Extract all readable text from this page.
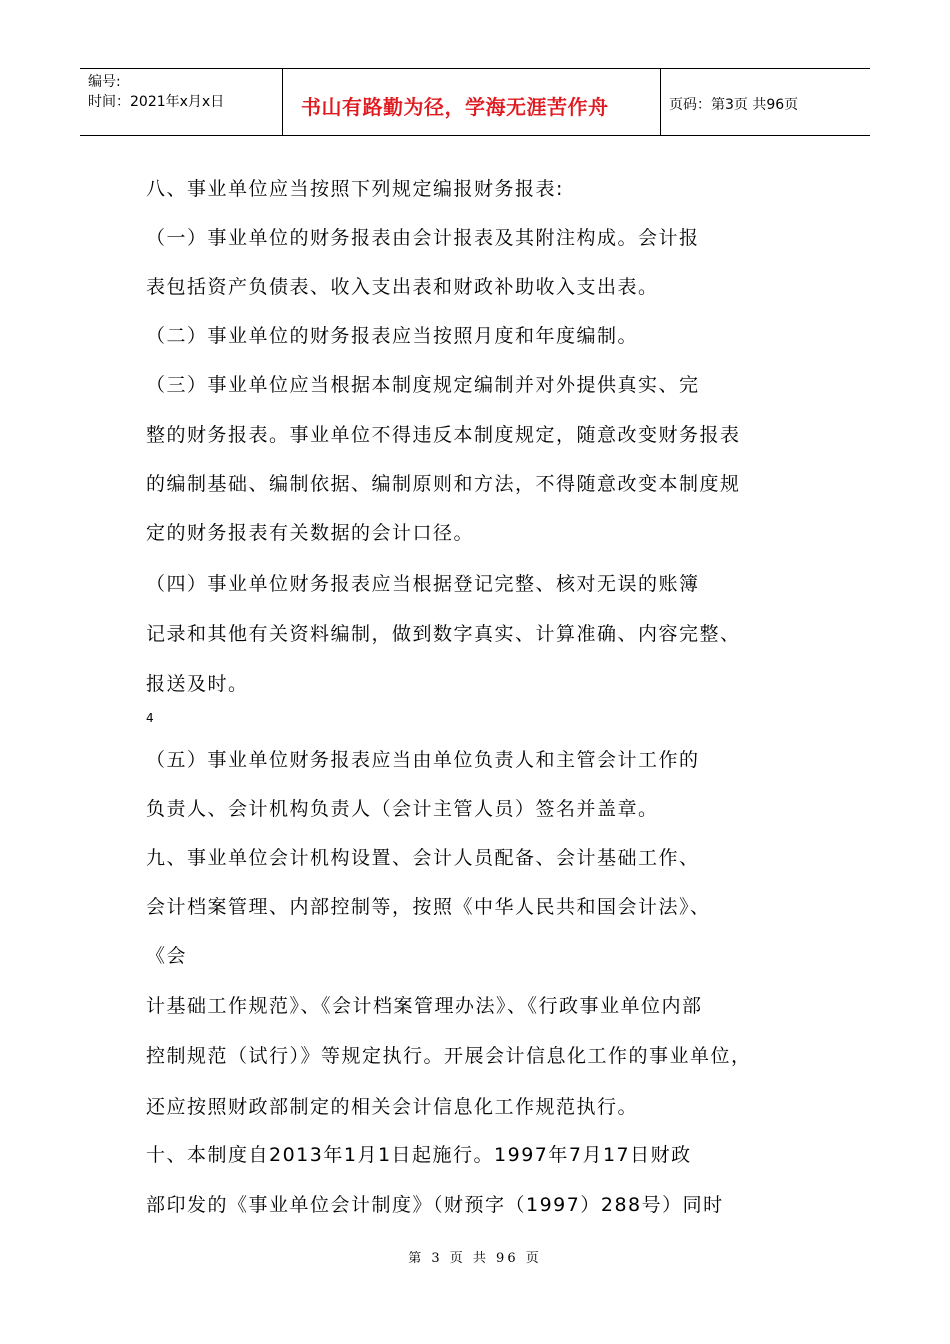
编号:
时间：2021年x月x日	书山有路勤为径，学海无涯苦作舟	页码：第3页 共96页
八、事业单位应当按照下列规定编报财务报表:
（一）事业单位的财务报表由会计报表及其附注构成。会计报
表包括资产负债表、收入支出表和财政补助收入支出表。
（二）事业单位的财务报表应当按照月度和年度编制。
（三）事业单位应当根据本制度规定编制并对外提供真实、完
整的财务报表。事业单位不得违反本制度规定，随意改变财务报表
的编制基础、编制依据、编制原则和方法，不得随意改变本制度规
定的财务报表有关数据的会计口径。
（四）事业单位财务报表应当根据登记完整、核对无误的账簿
记录和其他有关资料编制，做到数字真实、计算准确、内容完整、
报送及时。
（五）事业单位财务报表应当由单位负责人和主管会计工作的
负责人、会计机构负责人（会计主管人员）签名并盖章。
九、事业单位会计机构设置、会计人员配备、会计基础工作、
会计档案管理、内部控制等，按照《中华人民共和国会计法》、
《会
计基础工作规范》、《会计档案管理办法》、《行政事业单位内部
控制规范（试行）》等规定执行。开展会计信息化工作的事业单位，
还应按照财政部制定的相关会计信息化工作规范执行。
十、本制度自2013年1月1日起施行。1997年7月17日财政
部印发的《事业单位会计制度》（财预字（1997）288号）同时
4
第 3 页 共 96 页
